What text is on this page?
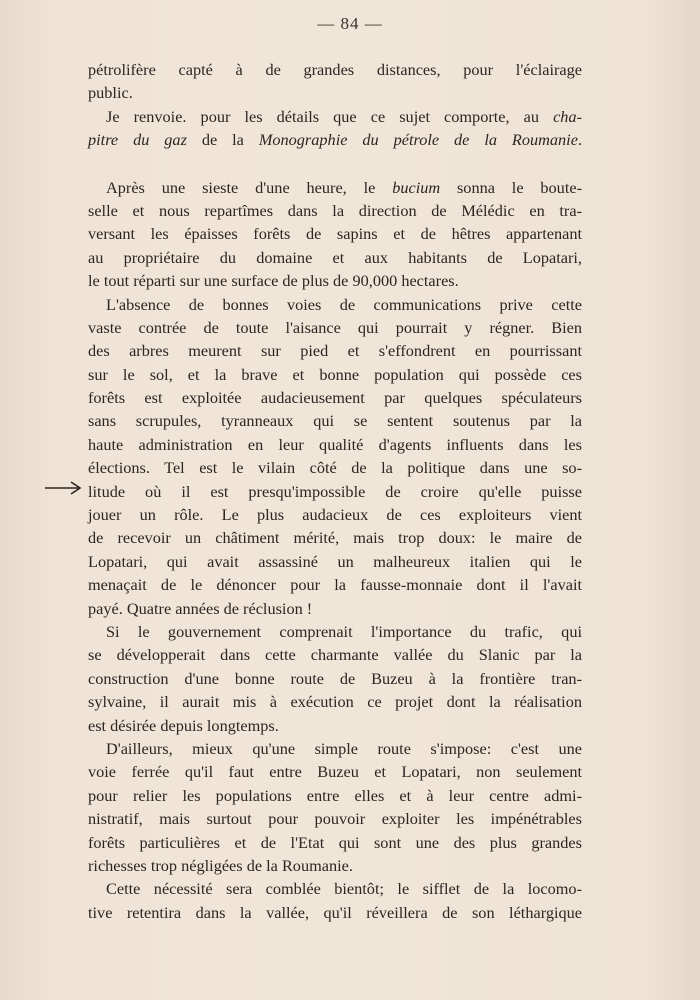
— 84 —
pétrolifère capté à de grandes distances, pour l'éclairage
public.
Je renvoie. pour les détails que ce sujet comporte, au cha-
pitre du gaz de la Monographie du pétrole de la Roumanie.
Après une sieste d'une heure, le bucium sonna le boute-
selle et nous repartîmes dans la direction de Mélédic en tra-
versant les épaisses forêts de sapins et de hêtres appartenant
au propriétaire du domaine et aux habitants de Lopatari,
le tout réparti sur une surface de plus de 90,000 hectares.
L'absence de bonnes voies de communications prive cette
vaste contrée de toute l'aisance qui pourrait y régner. Bien
des arbres meurent sur pied et s'effondrent en pourrissant
sur le sol, et la brave et bonne population qui possède ces
forêts est exploitée audacieusement par quelques spéculateurs
sans scrupules, tyranneaux qui se sentent soutenus par la
haute administration en leur qualité d'agents influents dans les
élections. Tel est le vilain côté de la politique dans une so-
litude où il est presqu'impossible de croire qu'elle puisse
jouer un rôle. Le plus audacieux de ces exploiteurs vient
de recevoir un châtiment mérité, mais trop doux: le maire de
Lopatari, qui avait assassiné un malheureux italien qui le
menaçait de le dénoncer pour la fausse-monnaie dont il l'avait
payé. Quatre années de réclusion !
Si le gouvernement comprenait l'importance du trafic, qui
se développerait dans cette charmante vallée du Slanic par la
construction d'une bonne route de Buzeu à la frontière tran-
sylvaine, il aurait mis à exécution ce projet dont la réalisation
est désirée depuis longtemps.
D'ailleurs, mieux qu'une simple route s'impose: c'est une
voie ferrée qu'il faut entre Buzeu et Lopatari, non seulement
pour relier les populations entre elles et à leur centre admi-
nistratif, mais surtout pour pouvoir exploiter les impénétrables
forêts particulières et de l'Etat qui sont une des plus grandes
richesses trop négligées de la Roumanie.
Cette nécessité sera comblée bientôt; le sifflet de la locomo-
tive retentira dans la vallée, qu'il réveillera de son léthargique
